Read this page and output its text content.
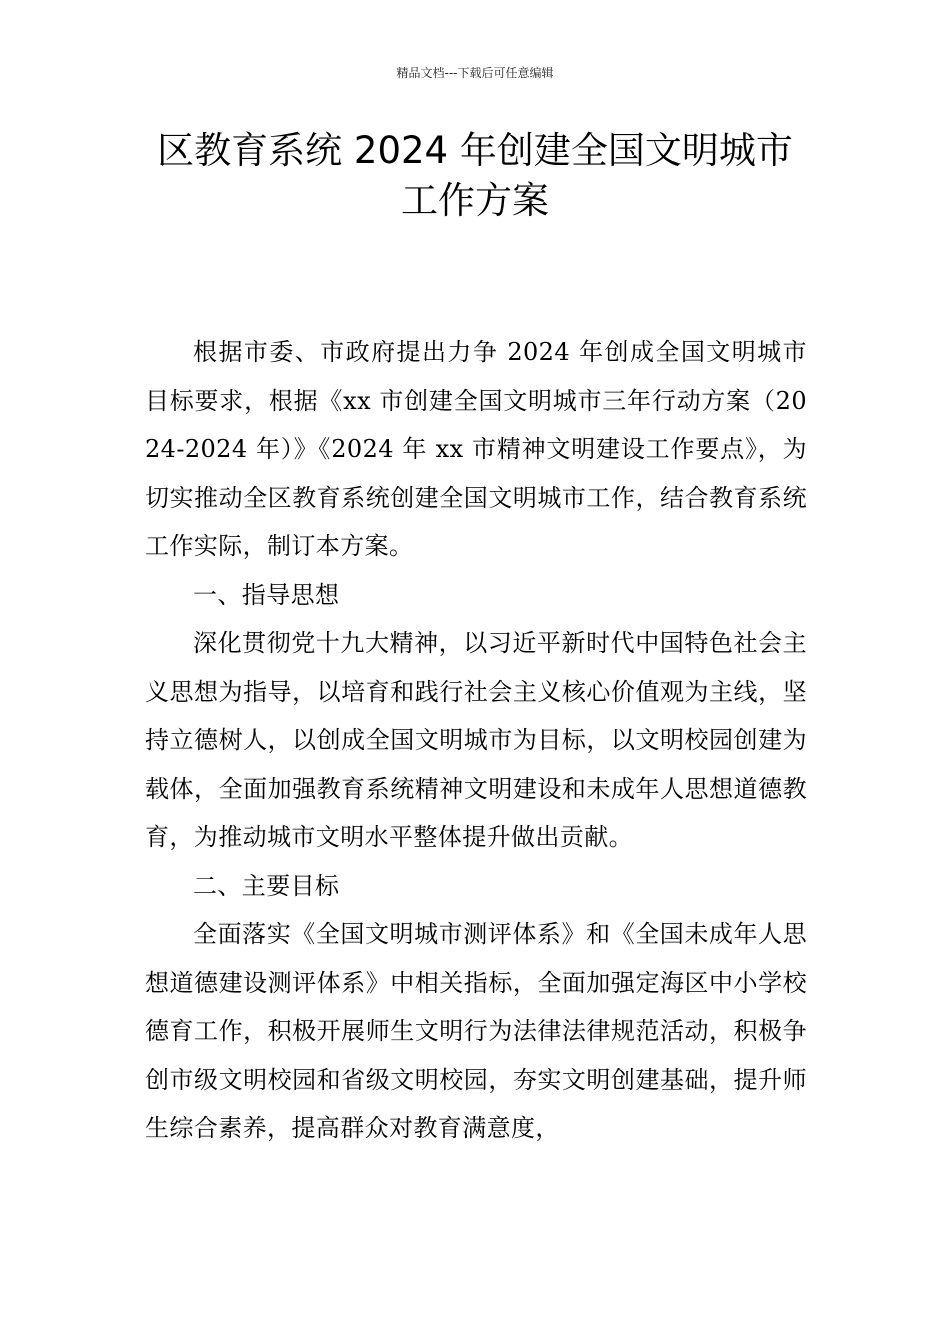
精品文档---下载后可任意编辑
区教育系统 2024 年创建全国文明城市
工作方案

根据市委、市政府提出力争 2024 年创成全国文明城市目标要求，根据《xx 市创建全国文明城市三年行动方案（2024-2024 年）》《2024 年 xx 市精神文明建设工作要点》，为切实推动全区教育系统创建全国文明城市工作，结合教育系统工作实际，制订本方案。

一、指导思想

深化贯彻党十九大精神，以习近平新时代中国特色社会主义思想为指导，以培育和践行社会主义核心价值观为主线，坚持立德树人，以创成全国文明城市为目标，以文明校园创建为载体，全面加强教育系统精神文明建设和未成年人思想道德教育，为推动城市文明水平整体提升做出贡献。

二、主要目标

全面落实《全国文明城市测评体系》和《全国未成年人思想道德建设测评体系》中相关指标，全面加强定海区中小学校德育工作，积极开展师生文明行为法律法律规范活动，积极争创市级文明校园和省级文明校园，夯实文明创建基础，提升师生综合素养，提高群众对教育满意度，
